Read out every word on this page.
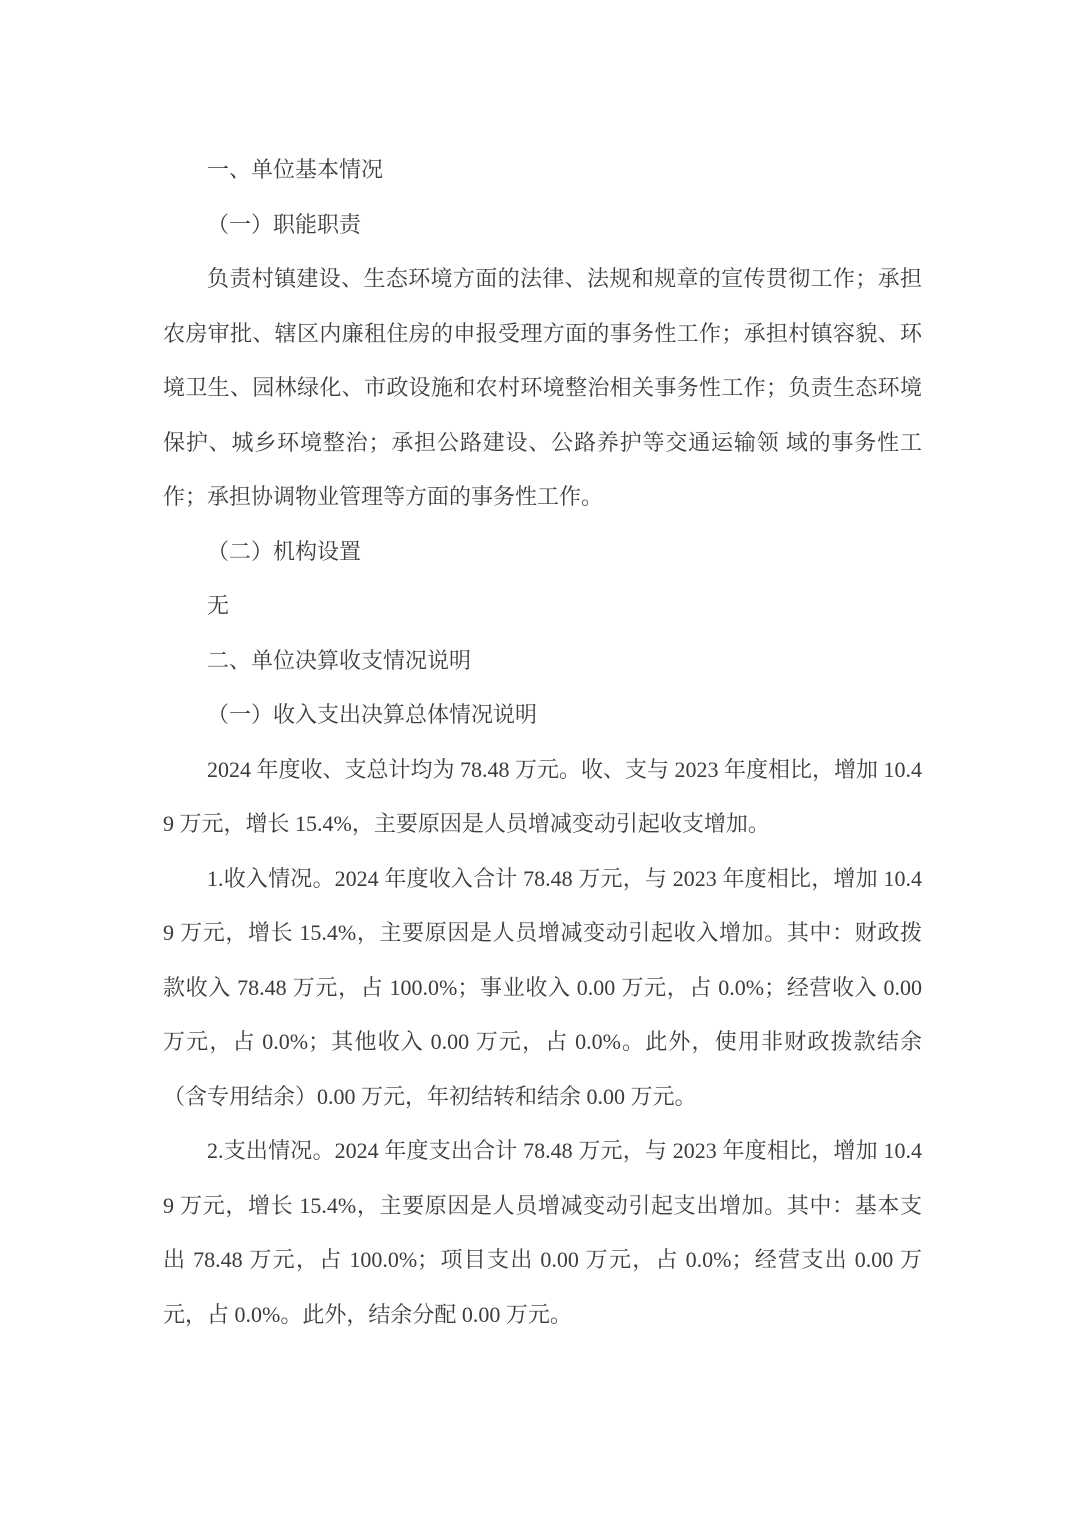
一、单位基本情况

（一）职能职责

负责村镇建设、生态环境方面的法律、法规和规章的宣传贯彻工作；承担农房审批、辖区内廉租住房的申报受理方面的事务性工作；承担村镇容貌、环境卫生、园林绿化、市政设施和农村环境整治相关事务性工作；负责生态环境保护、城乡环境整治；承担公路建设、公路养护等交通运输领 域的事务性工作；承担协调物业管理等方面的事务性工作。

（二）机构设置

无

二、单位决算收支情况说明

（一）收入支出决算总体情况说明

2024 年度收、支总计均为 78.48 万元。收、支与 2023 年度相比，增加 10.49 万元，增长 15.4%，主要原因是人员增减变动引起收支增加。

1.收入情况。2024 年度收入合计 78.48 万元，与 2023 年度相比，增加 10.49 万元，增长 15.4%，主要原因是人员增减变动引起收入增加。其中：财政拨款收入 78.48 万元，占 100.0%；事业收入 0.00 万元，占 0.0%；经营收入 0.00 万元，占 0.0%；其他收入 0.00 万元，占 0.0%。此外，使用非财政拨款结余（含专用结余）0.00 万元，年初结转和结余 0.00 万元。

2.支出情况。2024 年度支出合计 78.48 万元，与 2023 年度相比，增加 10.49 万元，增长 15.4%，主要原因是人员增减变动引起支出增加。其中：基本支出 78.48 万元，占 100.0%；项目支出 0.00 万元，占 0.0%；经营支出 0.00 万元，占 0.0%。此外，结余分配 0.00 万元。
